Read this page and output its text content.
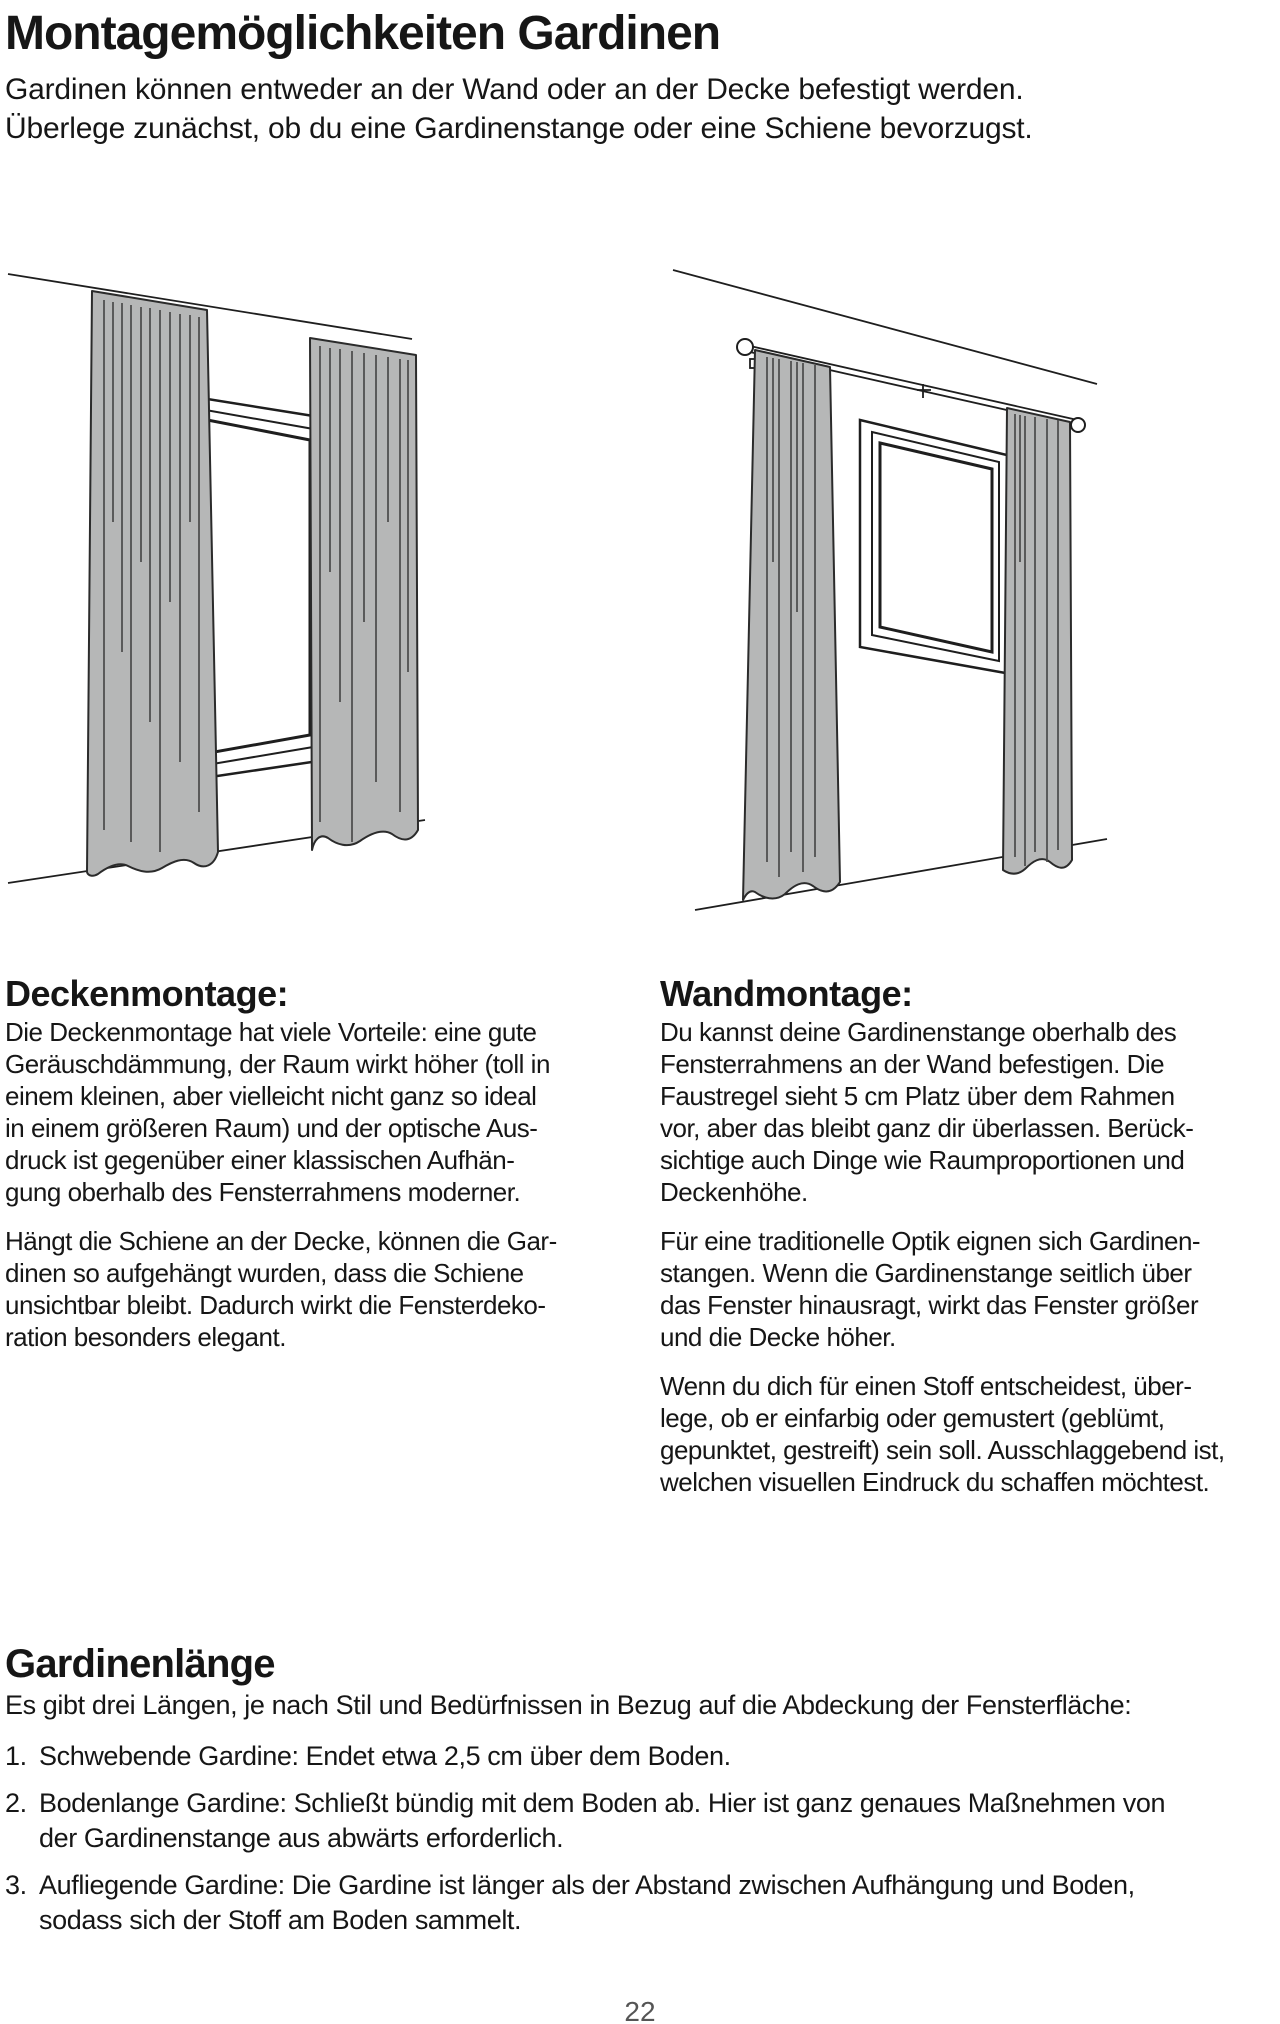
Montagemöglichkeiten Gardinen
Gardinen können entweder an der Wand oder an der Decke befestigt werden.
Überlege zunächst, ob du eine Gardinenstange oder eine Schiene bevorzugst.
Deckenmontage:
Die Deckenmontage hat viele Vorteile: eine gute
Geräuschdämmung, der Raum wirkt höher (toll in
einem kleinen, aber vielleicht nicht ganz so ideal
in einem größeren Raum) und der optische Aus-
druck ist gegenüber einer klassischen Aufhän-
gung oberhalb des Fensterrahmens moderner.
Hängt die Schiene an der Decke, können die Gar-
dinen so aufgehängt wurden, dass die Schiene
unsichtbar bleibt. Dadurch wirkt die Fensterdeko-
ration besonders elegant.
Wandmontage:
Du kannst deine Gardinenstange oberhalb des
Fensterrahmens an der Wand befestigen. Die
Faustregel sieht 5 cm Platz über dem Rahmen
vor, aber das bleibt ganz dir überlassen. Berück-
sichtige auch Dinge wie Raumproportionen und
Deckenhöhe.
Für eine traditionelle Optik eignen sich Gardinen-
stangen. Wenn die Gardinenstange seitlich über
das Fenster hinausragt, wirkt das Fenster größer
und die Decke höher.
Wenn du dich für einen Stoff entscheidest, über-
lege, ob er einfarbig oder gemustert (geblümt,
gepunktet, gestreift) sein soll. Ausschlaggebend ist,
welchen visuellen Eindruck du schaffen möchtest.
Gardinenlänge
Es gibt drei Längen, je nach Stil und Bedürfnissen in Bezug auf die Abdeckung der Fensterfläche:
1. Schwebende Gardine: Endet etwa 2,5 cm über dem Boden.
2. Bodenlange Gardine: Schließt bündig mit dem Boden ab. Hier ist ganz genaues Maßnehmen von
der Gardinenstange aus abwärts erforderlich.
3. Aufliegende Gardine: Die Gardine ist länger als der Abstand zwischen Aufhängung und Boden,
sodass sich der Stoff am Boden sammelt.
22
